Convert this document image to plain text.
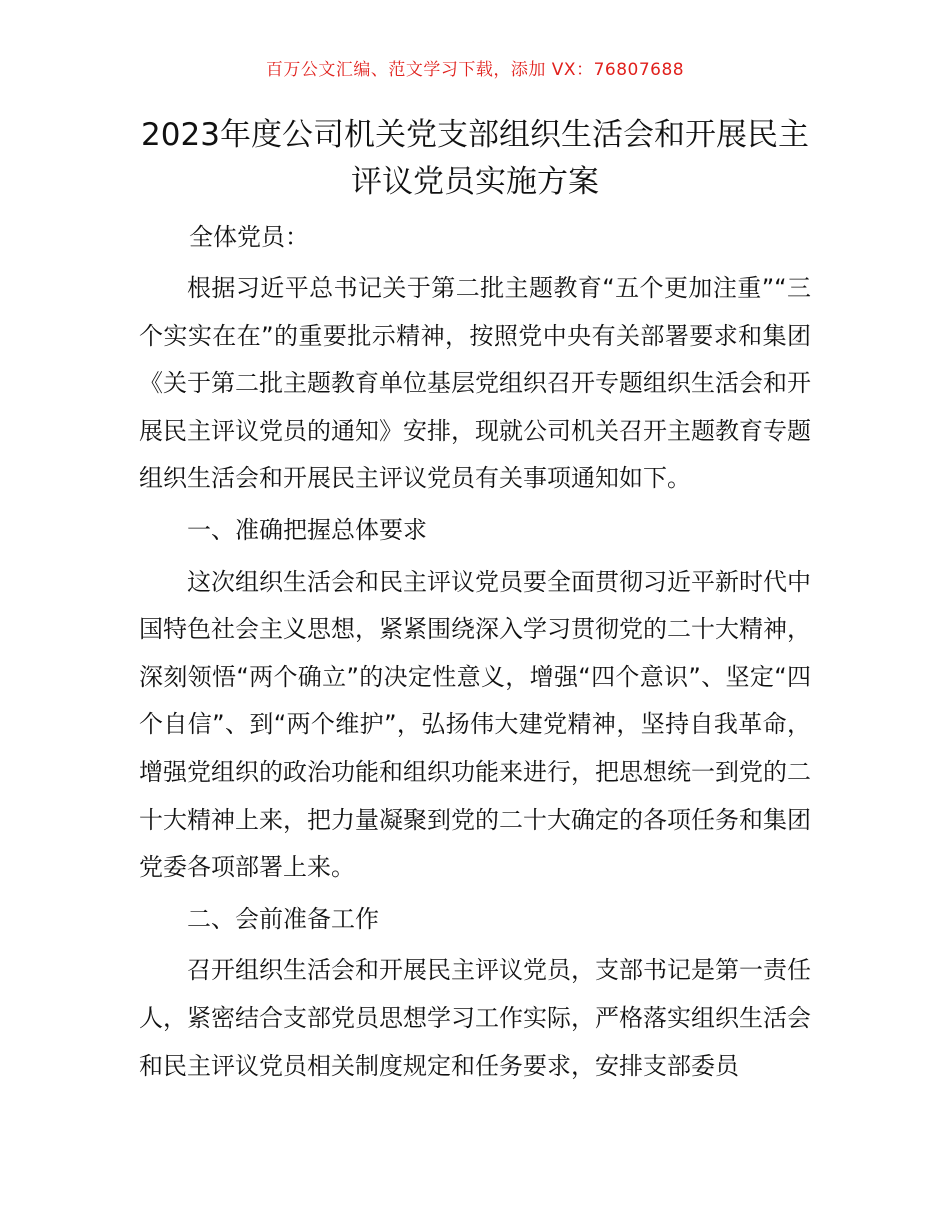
百万公文汇编、范文学习下载，添加 VX：76807688
2023年度公司机关党支部组织生活会和开展民主评议党员实施方案

全体党员：

根据习近平总书记关于第二批主题教育“五个更加注重”“三个实实在在”的重要批示精神，按照党中央有关部署要求和集团《关于第二批主题教育单位基层党组织召开专题组织生活会和开展民主评议党员的通知》安排，现就公司机关召开主题教育专题组织生活会和开展民主评议党员有关事项通知如下。

一、准确把握总体要求

这次组织生活会和民主评议党员要全面贯彻习近平新时代中国特色社会主义思想，紧紧围绕深入学习贯彻党的二十大精神，深刻领悟“两个确立”的决定性意义，增强“四个意识”、坚定“四个自信”、到“两个维护”，弘扬伟大建党精神，坚持自我革命，增强党组织的政治功能和组织功能来进行，把思想统一到党的二十大精神上来，把力量凝聚到党的二十大确定的各项任务和集团党委各项部署上来。

二、会前准备工作

召开组织生活会和开展民主评议党员，支部书记是第一责任人，紧密结合支部党员思想学习工作实际，严格落实组织生活会和民主评议党员相关制度规定和任务要求，安排支部委员
